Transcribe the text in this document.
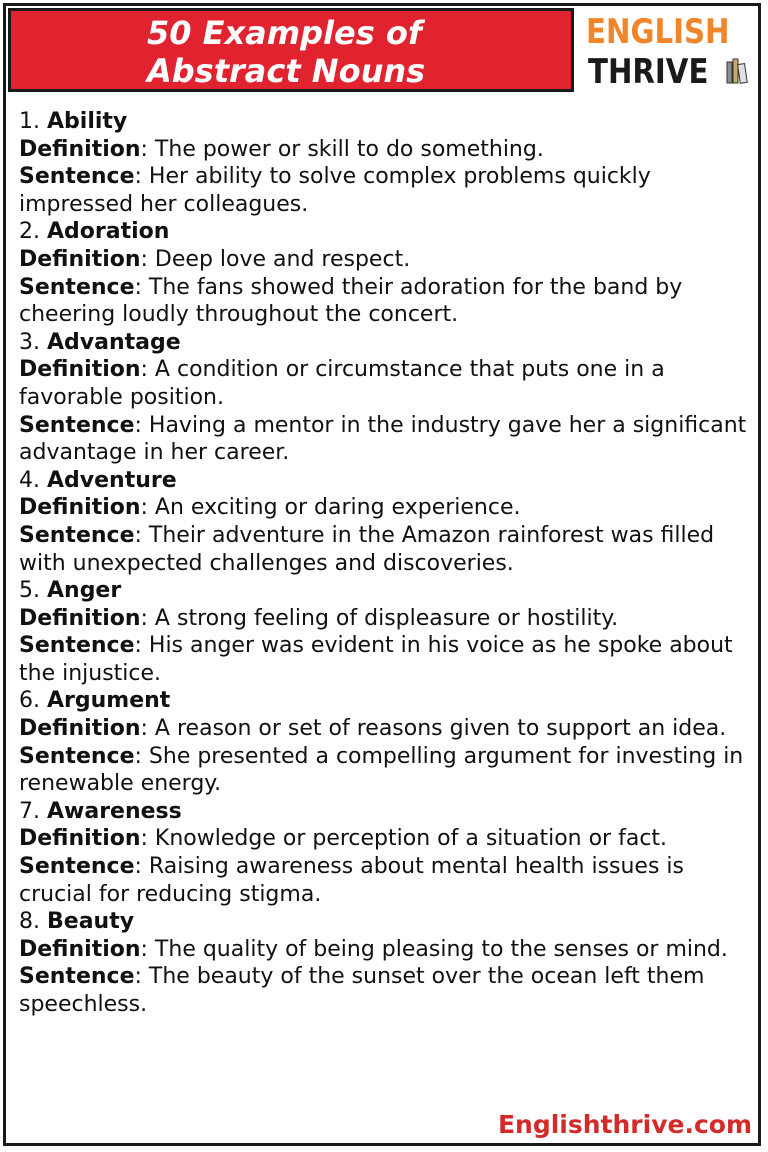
50 Examples of
Abstract Nouns
ENGLISH
THRIVE

1. Ability

Definition: The power or skill to do something.

Sentence: Her ability to solve complex problems quickly impressed her colleagues.

2. Adoration

Definition: Deep love and respect.

Sentence: The fans showed their adoration for the band by cheering loudly throughout the concert.

3. Advantage

Definition: A condition or circumstance that puts one in a favorable position.

Sentence: Having a mentor in the industry gave her a significant advantage in her career.

4. Adventure

Definition: An exciting or daring experience.

Sentence: Their adventure in the Amazon rainforest was filled with unexpected challenges and discoveries.

5. Anger

Definition: A strong feeling of displeasure or hostility.

Sentence: His anger was evident in his voice as he spoke about the injustice.

6. Argument

Definition: A reason or set of reasons given to support an idea.

Sentence: She presented a compelling argument for investing in renewable energy.

7. Awareness

Definition: Knowledge or perception of a situation or fact.

Sentence: Raising awareness about mental health issues is crucial for reducing stigma.

8. Beauty

Definition: The quality of being pleasing to the senses or mind.

Sentence: The beauty of the sunset over the ocean left them speechless.

Englishthrive.com
